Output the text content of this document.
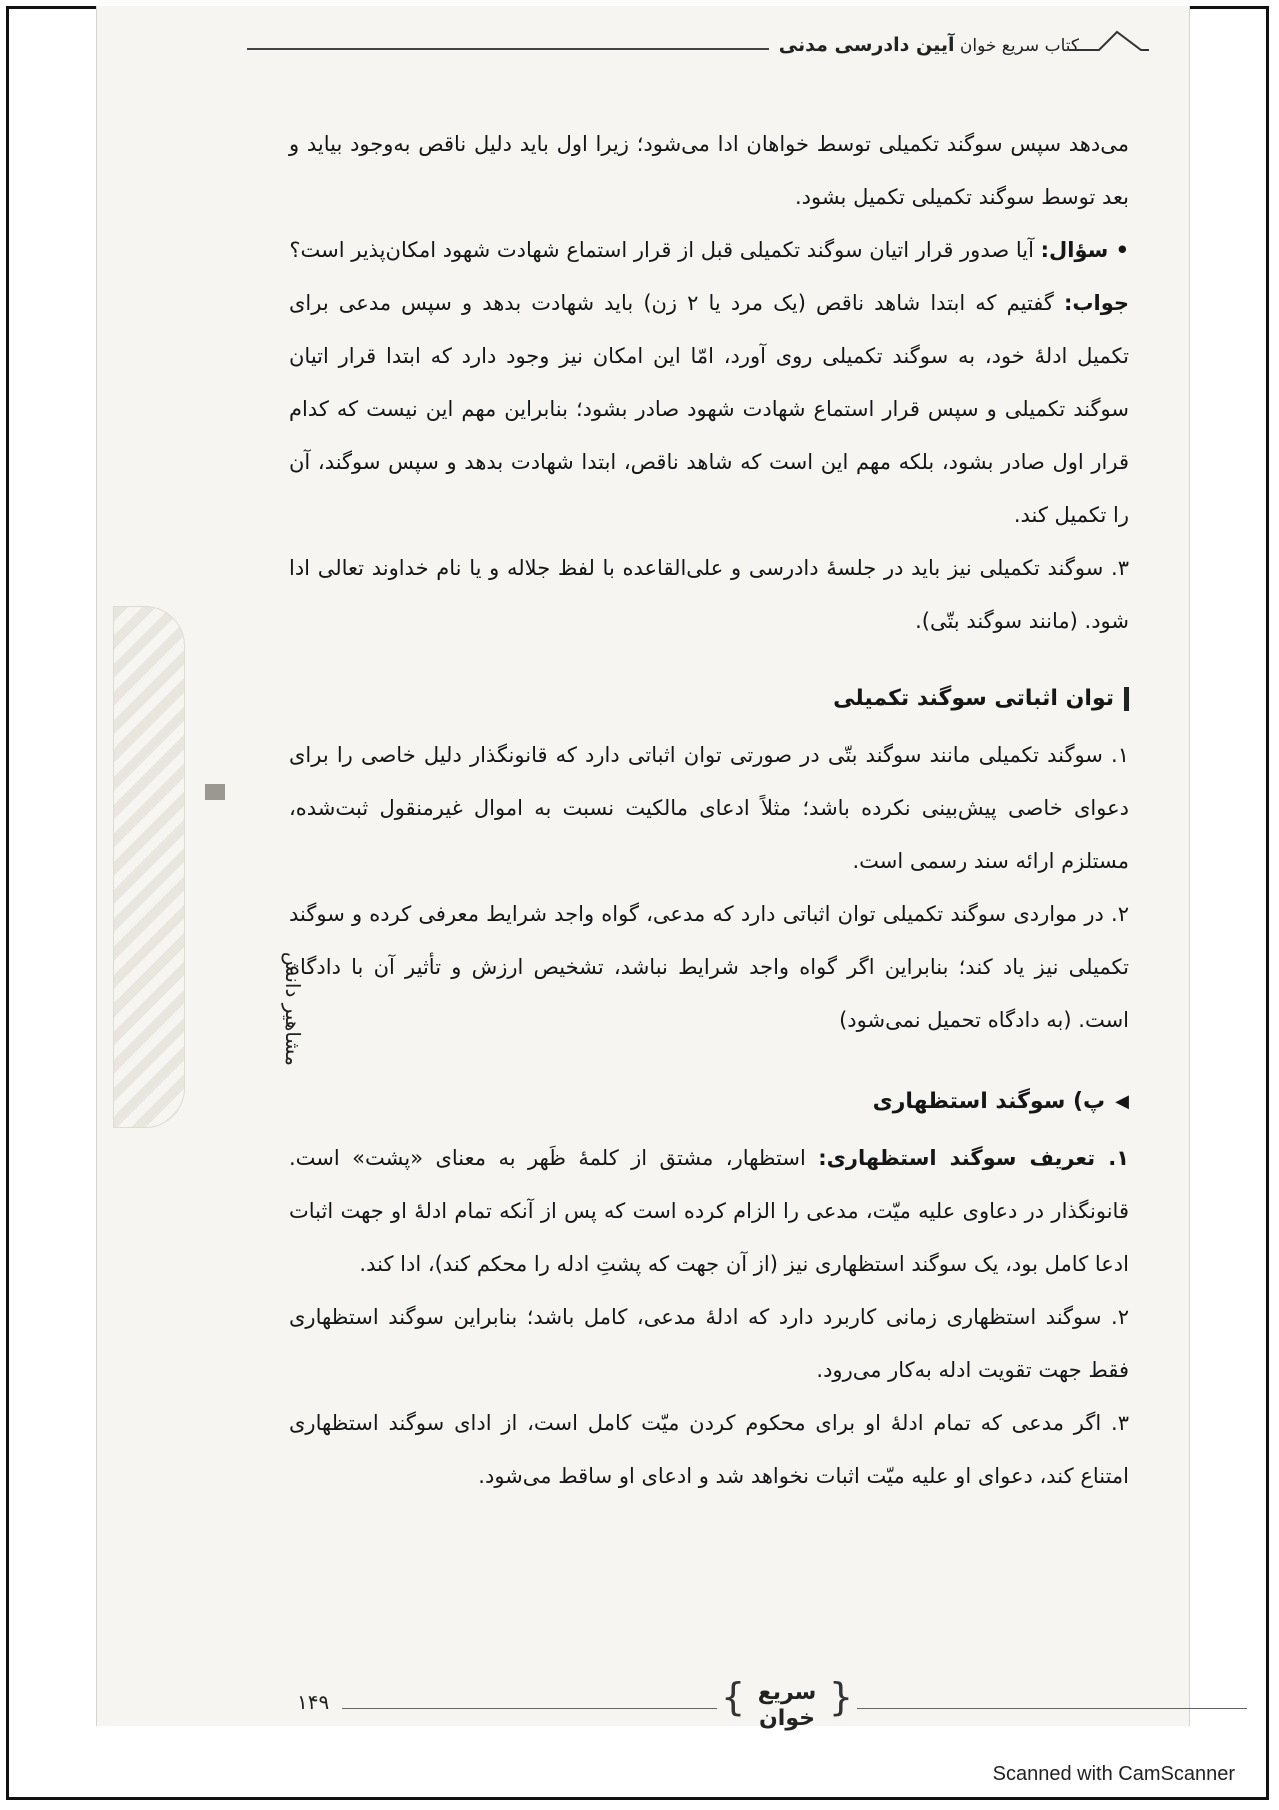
کتاب سریع خوان آیین دادرسی مدنی
مشاهیر دانش

می‌دهد سپس سوگند تکمیلی توسط خواهان ادا می‌شود؛ زیرا اول باید دلیل ناقص به‌وجود بیاید و بعد توسط سوگند تکمیلی تکمیل بشود.

• سؤال: آیا صدور قرار اتیان سوگند تکمیلی قبل از قرار استماع شهادت شهود امکان‌پذیر است؟

جواب: گفتیم که ابتدا شاهد ناقص (یک مرد یا ۲ زن) باید شهادت بدهد و سپس مدعی برای تکمیل ادلهٔ خود، به سوگند تکمیلی روی آورد، امّا این امکان نیز وجود دارد که ابتدا قرار اتیان سوگند تکمیلی و سپس قرار استماع شهادت شهود صادر بشود؛ بنابراین مهم این نیست که کدام قرار اول صادر بشود، بلکه مهم این است که شاهد ناقص، ابتدا شهادت بدهد و سپس سوگند، آن را تکمیل کند.

۳. سوگند تکمیلی نیز باید در جلسهٔ دادرسی و علی‌القاعده با لفظ جلاله و یا نام خداوند تعالی ادا شود. (مانند سوگند بتّی).

توان اثباتی سوگند تکمیلی

۱. سوگند تکمیلی مانند سوگند بتّی در صورتی توان اثباتی دارد که قانونگذار دلیل خاصی را برای دعوای خاصی پیش‌بینی نکرده باشد؛ مثلاً ادعای مالکیت نسبت به اموال غیرمنقول ثبت‌شده، مستلزم ارائه سند رسمی است.

۲. در مواردی سوگند تکمیلی توان اثباتی دارد که مدعی، گواه واجد شرایط معرفی کرده و سوگند تکمیلی نیز یاد کند؛ بنابراین اگر گواه واجد شرایط نباشد، تشخیص ارزش و تأثیر آن با دادگاه است. (به دادگاه تحمیل نمی‌شود)

◀
پ) سوگند استظهاری

۱. تعریف سوگند استظهاری: استظهار، مشتق از کلمهٔ ظَهر به معنای «پشت» است. قانونگذار در دعاوی علیه میّت، مدعی را الزام کرده است که پس از آنکه تمام ادلهٔ او جهت اثبات ادعا کامل بود، یک سوگند استظهاری نیز (از آن جهت که پشتِ ادله را محکم کند)، ادا کند.

۲. سوگند استظهاری زمانی کاربرد دارد که ادلهٔ مدعی، کامل باشد؛ بنابراین سوگند استظهاری فقط جهت تقویت ادله به‌کار می‌رود.

۳. اگر مدعی که تمام ادلهٔ او برای محکوم کردن میّت کامل است، از ادای سوگند استظهاری امتناع کند، دعوای او علیه میّت اثبات نخواهد شد و ادعای او ساقط می‌شود.

۱۴۹	{
سریع
خوان
}
Scanned with CamScanner
